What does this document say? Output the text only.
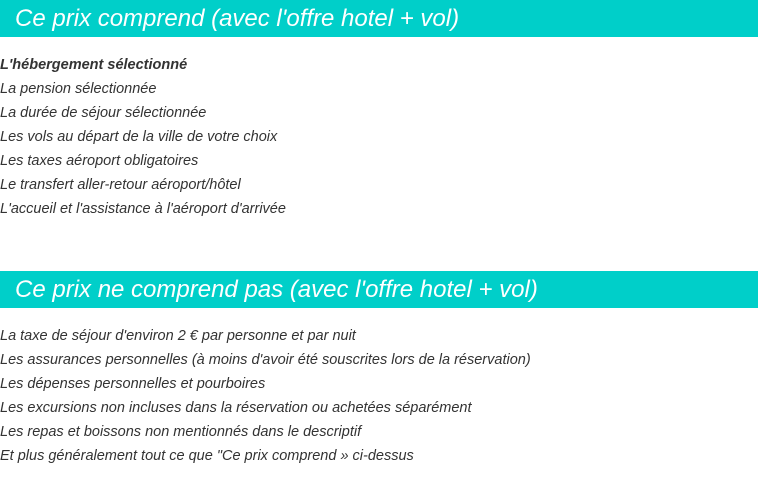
Ce prix comprend (avec l'offre hotel + vol)
L'hébergement sélectionné
La pension sélectionnée
La durée de séjour sélectionnée
Les vols au départ de la ville de votre choix
Les taxes aéroport obligatoires
Le transfert aller-retour aéroport/hôtel
L'accueil et l'assistance à l'aéroport d'arrivée
Ce prix ne comprend pas (avec l'offre hotel + vol)
La taxe de séjour d'environ 2 € par personne et par nuit
Les assurances personnelles (à moins d'avoir été souscrites lors de la réservation)
Les dépenses personnelles et pourboires
Les excursions non incluses dans la réservation ou achetées séparément
Les repas et boissons non mentionnés dans le descriptif
Et plus généralement tout ce que "Ce prix comprend » ci-dessus
